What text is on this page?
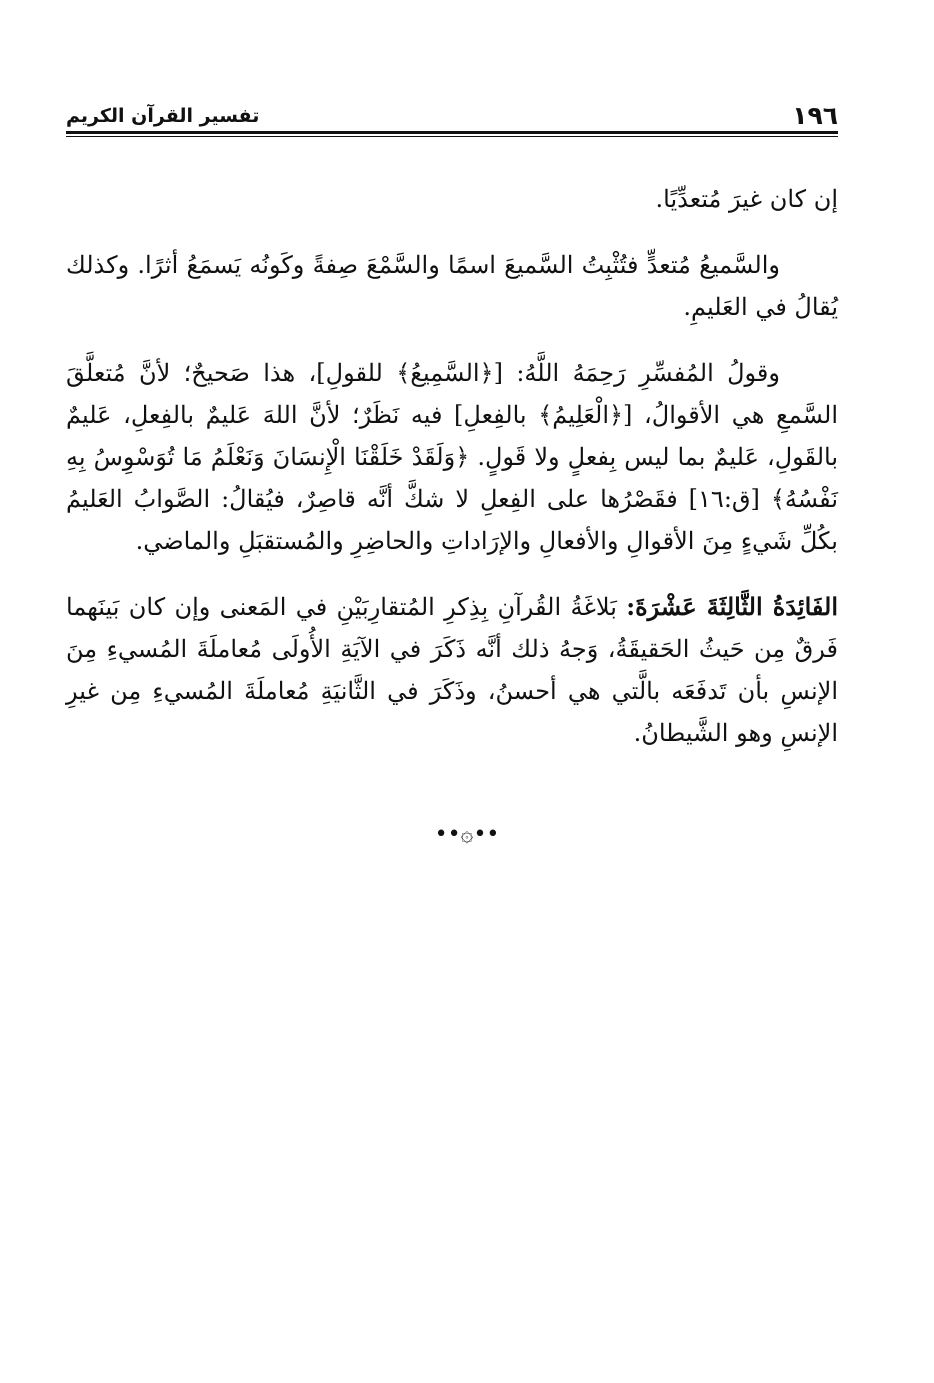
١٩٦
تفسير القرآن الكريم

إن كان غيرَ مُتعدِّيًا.

والسَّميعُ مُتعدٍّ فتُثْبِتُ السَّميعَ اسمًا والسَّمْعَ صِفةً وكَونُه يَسمَعُ أثرًا. وكذلك يُقالُ في العَليمِ.

وقولُ المُفسِّرِ رَحِمَهُ اللَّهُ: [﴿السَّمِيعُ﴾ للقولِ]، هذا صَحيحٌ؛ لأنَّ مُتعلَّقَ السَّمعِ هي الأقوالُ، [﴿الْعَلِيمُ﴾ بالفِعلِ] فيه نَظَرٌ؛ لأنَّ اللهَ عَليمٌ بالفِعلِ، عَليمٌ بالقَولِ، عَليمٌ بما ليس بِفعلٍ ولا قَولٍ. ﴿وَلَقَدْ خَلَقْنَا الْإِنسَانَ وَنَعْلَمُ مَا تُوَسْوِسُ بِهِ نَفْسُهُ﴾ [ق:١٦] فقَصْرُها على الفِعلِ لا شكَّ أنَّه قاصِرٌ، فيُقالُ: الصَّوابُ العَليمُ بكُلِّ شَيءٍ مِنَ الأقوالِ والأفعالِ والإرَاداتِ والحاضِرِ والمُستقبَلِ والماضي.

الفَائِدَةُ الثَّالِثَةَ عَشْرَةَ: بَلاغَةُ القُرآنِ بِذِكرِ المُتقارِبَيْنِ في المَعنى وإن كان بَينَهما فَرقٌ مِن حَيثُ الحَقيقَةُ، وَجهُ ذلك أنَّه ذَكَرَ في الآيَةِ الأُولَى مُعاملَةَ المُسيءِ مِنَ الإنسِ بأن تَدفَعَه بالَّتي هي أحسنُ، وذَكَرَ في الثَّانيَةِ مُعاملَةَ المُسيءِ مِن غيرِ الإنسِ وهو الشَّيطانُ.

••۞••
